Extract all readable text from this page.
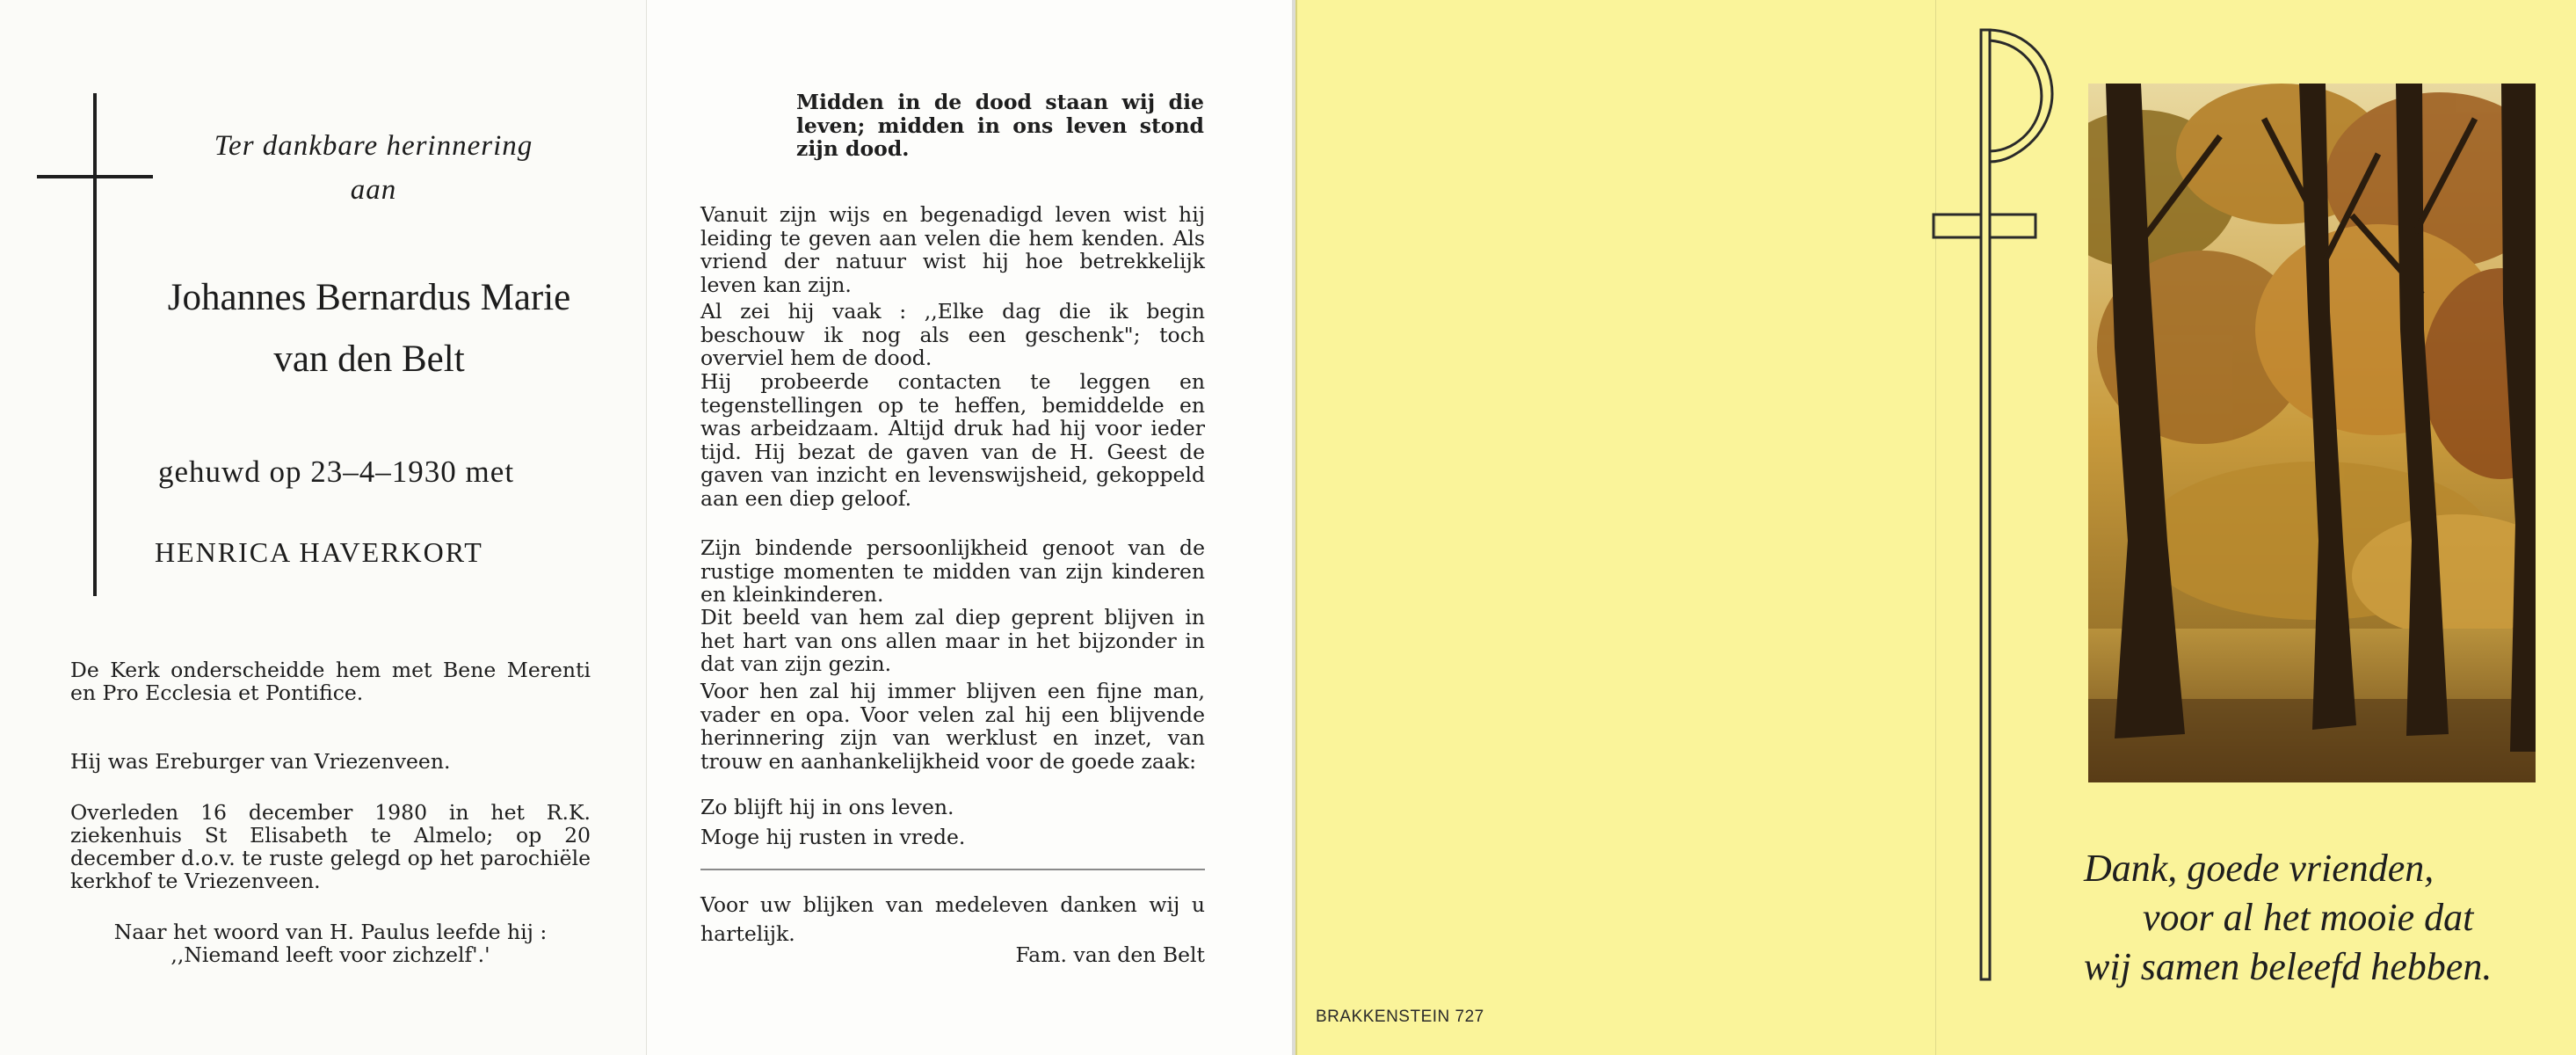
Ter dankbare herinnering
aan
Johannes Bernardus Marie
van den Belt
gehuwd op 23–4–1930 met
HENRICA HAVERKORT

De Kerk onderscheidde hem met Bene Merenti en Pro Ecclesia et Pontifice.

Hij was Ereburger van Vriezenveen.

Overleden 16 december 1980 in het R.K. ziekenhuis St Elisabeth te Almelo; op 20 december d.o.v. te ruste gelegd op het parochiële kerkhof te Vriezenveen.

Naar het woord van H. Paulus leefde hij :

,,Niemand leeft voor zichzelf'.'

Midden in de dood staan wij die leven; midden in ons leven stond zijn dood.

Vanuit zijn wijs en begenadigd leven wist hij leiding te geven aan velen die hem kenden. Als vriend der natuur wist hij hoe betrekkelijk leven kan zijn.

Al zei hij vaak : ,,Elke dag die ik begin beschouw ik nog als een geschenk"; toch overviel hem de dood.

Hij probeerde contacten te leggen en tegenstellingen op te heffen, bemiddelde en was arbeidzaam. Altijd druk had hij voor ieder tijd. Hij bezat de gaven van de H. Geest de gaven van inzicht en levenswijsheid, gekoppeld aan een diep geloof.

Zijn bindende persoonlijkheid genoot van de rustige momenten te midden van zijn kinderen en kleinkinderen.

Dit beeld van hem zal diep geprent blijven in het hart van ons allen maar in het bijzonder in dat van zijn gezin.

Voor hen zal hij immer blijven een fijne man, vader en opa. Voor velen zal hij een blijvende herinnering zijn van werklust en inzet, van trouw en aanhankelijkheid voor de goede zaak:

Zo blijft hij in ons leven.

Moge hij rusten in vrede.

Voor uw blijken van medeleven danken wij u hartelijk.

Fam. van den Belt

BRAKKENSTEIN 727
Dank, goede vrienden,
voor al het mooie dat
wij samen beleefd hebben.
